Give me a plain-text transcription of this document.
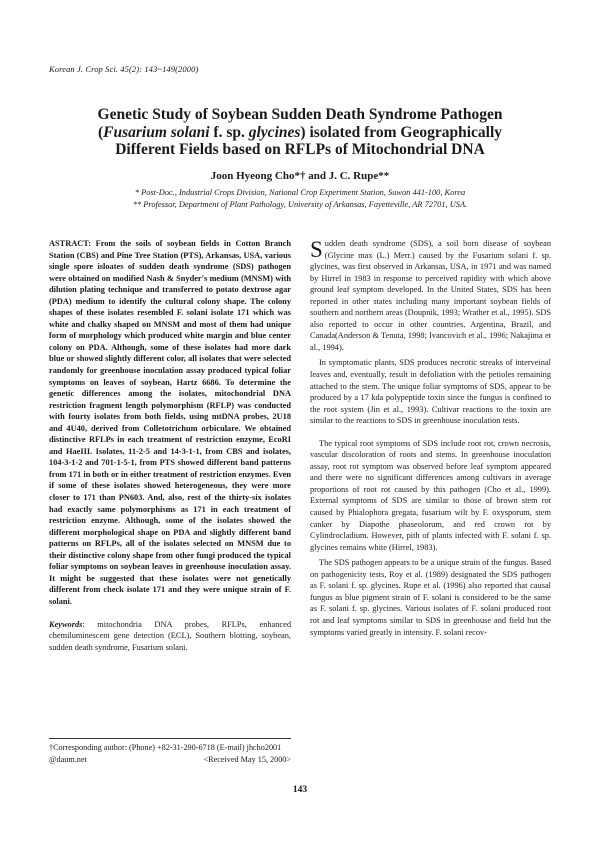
Korean J. Crop Sci. 45(2): 143~149(2000)
Genetic Study of Soybean Sudden Death Syndrome Pathogen
(Fusarium solani f. sp. glycines) isolated from Geographically
Different Fields based on RFLPs of Mitochondrial DNA
Joon Hyeong Cho*† and J. C. Rupe**
* Post-Doc., Industrial Crops Division, National Crop Experiment Station, Suwon 441-100, Korea
** Professor, Department of Plant Pathology, University of Arkansas, Fayetteville, AR 72701, USA.

ASTRACT: From the soils of soybean fields in Cotton Branch Station (CBS) and Pine Tree Station (PTS), Arkansas, USA, various single spore isloates of sudden death syndrome (SDS) pathogen were obtained on modified Nash & Snyder's medium (MNSM) with dilution plating technique and transferred to potato dextrose agar (PDA) medium to identify the cultural colony shape. The colony shapes of these isolates resembled F. solani isolate 171 which was white and chalky shaped on MNSM and most of them had unique form of morphology which produced white margin and blue center colony on PDA. Although, some of these isolates had more dark blue or showed slightly different color, all isolates that were selected randomly for greenhouse inoculation assay produced typical foliar symptoms on leaves of soybean, Hartz 6686. To determine the genetic differences among the isolates, mitochondrial DNA restriction fragment length polymorphism (RFLP) was conducted with fourty isolates from both fields, using mtDNA probes, 2U18 and 4U40, derived from Colletotrichum orbiculare. We obtained distinctive RFLPs in each treatment of restriction enzyme, EcoRI and HaeIII. Isolates, 11-2-5 and 14-3-1-1, from CBS and isolates, 104-3-1-2 and 701-1-5-1, from PTS showed different band patterns from 171 in both or in either treatment of restriction enzymes. Even if some of these isolates showed heterogeneous, they were more closer to 171 than PN603. And, also, rest of the thirty-six isolates had exactly same polymorphisms as 171 in each treatment of restriction enzyme. Although, some of the isolates showed the different morphological shape on PDA and slightly different band patterns on RFLPs, all of the isolates selected on MNSM due to their distinctive colony shape from other fungi produced the typical foliar symptoms on soybean leaves in greenhouse inoculation assay. It might be suggested that these isolates were not genetically different from check isolate 171 and they were unique strain of F. solani.

Keywords: mitochondria DNA probes, RFLPs, enhanced chemiluminescent gene detection (ECL), Southern blotting, soybean, sudden death syndrome, Fusarium solani.

Sudden death syndrome (SDS), a soil born disease of soybean (Glycine max (L.) Merr.) caused by the Fusarium solani f. sp. glycines, was first observed in Arkansas, USA, in 1971 and was named by Hirrel in 1983 in response to perceived rapidity with which above ground leaf symptom developed. In the United States, SDS has been reported in other states including many important soybean fields of southern and northern areas (Doupnik, 1993; Wrather et al., 1995). SDS also reported to occur in other countries, Argentina, Brazil, and Canada(Anderson & Tenuta, 1998; Ivancovich et al., 1996; Nakajima et al., 1994).

In symptomatic plants, SDS produces necrotic streaks of interveinal leaves and, eventually, result in defoliation with the petioles remaining attached to the stem. The unique foliar symptoms of SDS, appear to be produced by a 17 kda polypeptide toxin since the fungus is confined to the root system (Jin et al., 1993). Cultivar reactions to the toxin are similar to the reactions to SDS in greenhouse inoculation tests.

The typical root symptoms of SDS include root rot, crown necrosis, vascular discoloration of roots and stems. In greenhouse inoculation assay, root rot symptom was observed before leaf symptom appeared and there were no significant differences among cultivars in average proportions of root rot caused by this pathogen (Cho et al., 1999). External symptoms of SDS are similar to those of brown stem rot caused by Phialophora gregata, fusarium wilt by F. oxysporum, stem canker by Diapothe phaseolorum, and red crown rot by Cylindrocladium. However, pith of plants infected with F. solani f. sp. glycines remains white (Hirrel, 1983).

The SDS pathogen appears to be a unique strain of the fungus. Based on pathogenicity tests, Roy et al. (1989) designated the SDS pathogen as F. solani f. sp. glycines. Rupe et al. (1996) also reported that causal fungus as blue pigment strain of F. solani is considered to be the same as F. solani f. sp. glycines. Various isolates of F. solani produced root rot and leaf symptoms similar to SDS in greenhouse and field but the symptoms varied greatly in intensity. F. solani recov-

†Corresponding author: (Phone) +82-31-290-6718 (E-mail) jhcho2001
@daum.net	<Received May 15, 2000>
143
